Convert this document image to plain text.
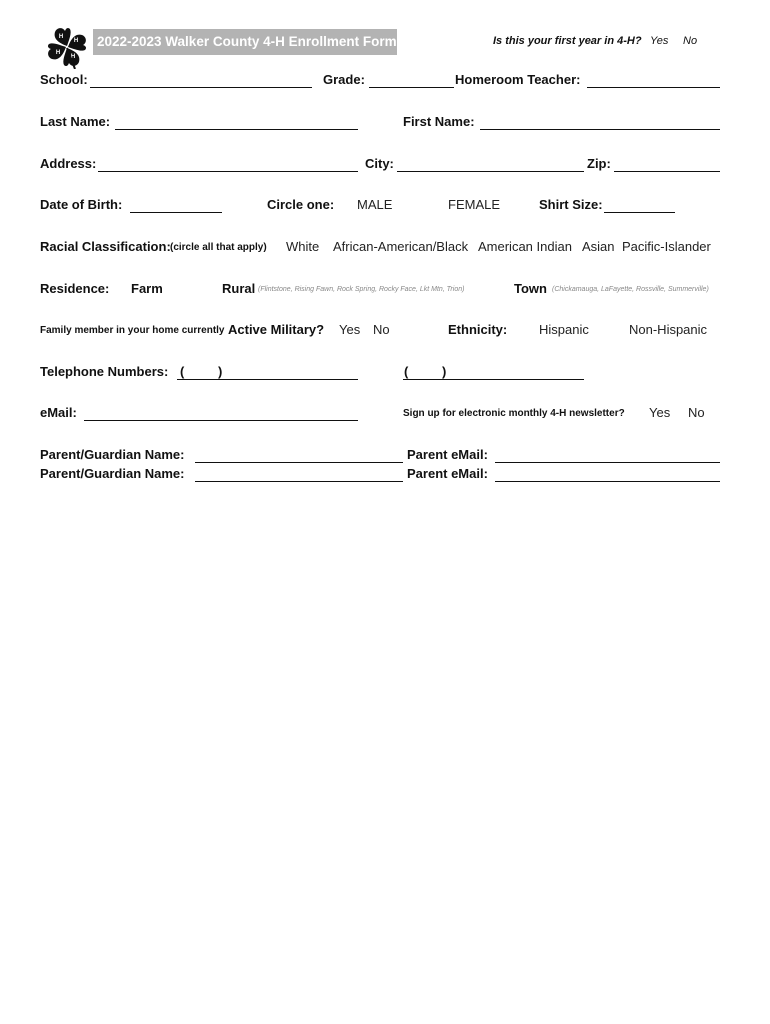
H
H
H
H
2022-2023 Walker County 4-H Enrollment Form	Is this your first year in 4-H? Yes No
School:	Grade:	Homeroom Teacher:
Last Name:	First Name:
Address:	City:	Zip:
Date of Birth:	Circle one: MALE	FEMALE	Shirt Size:
Racial Classification: (circle all that apply) White African-American/Black American Indian Asian Pacific-Islander
Residence: Farm	Rural (Flintstone, Rising Fawn, Rock Spring, Rocky Face, Lkt Mtn, Trion)	Town (Chickamauga, LaFayette, Rossville, Summerville)
Family member in your home currently Active Military? Yes No	Ethnicity: Hispanic	Non-Hispanic
Telephone Numbers: (	)	(	)
eMail:	Sign up for electronic monthly 4-H newsletter? Yes No
Parent/Guardian Name:	Parent eMail:
Parent/Guardian Name:	Parent eMail:
